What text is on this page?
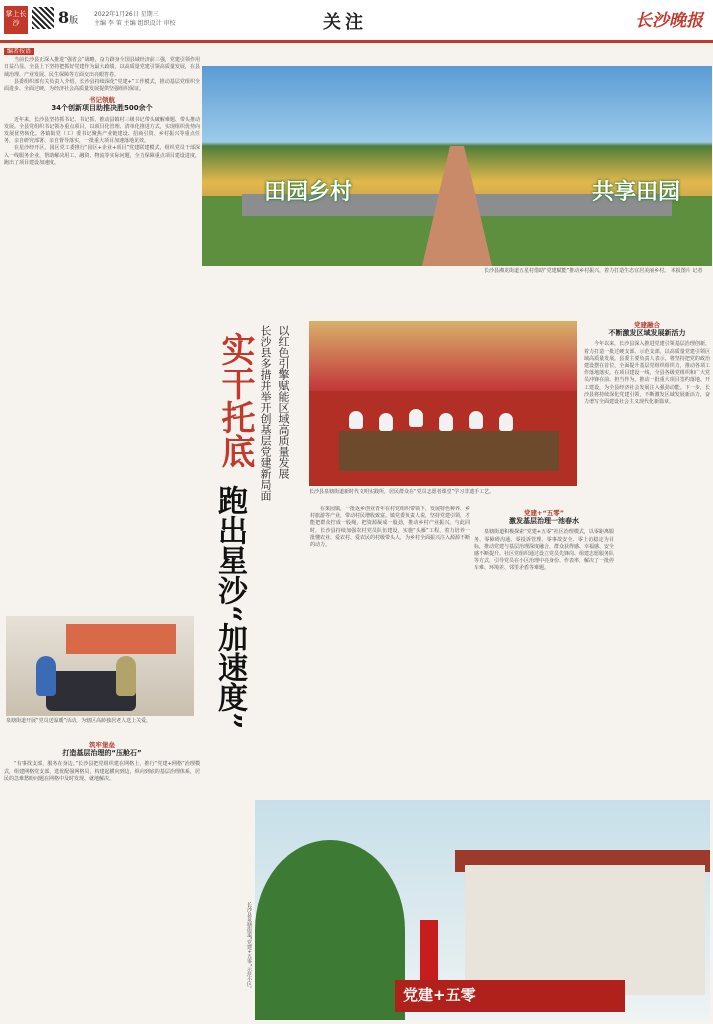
掌上长沙	8版
2022年1月26日 星期三
主编 李 策 主编 组织设计 审校	关注	长沙晚报
编者按语

当前长沙县正深入推进“强省会”战略，奋力跻身全国县域经济前三强，党建引领作用日益凸显。全县上下坚持把抓好党建作为最大政绩，以高质量党建引领高质量发展，在县域治理、产业发展、民生保障等方面交出亮眼答卷。

县委组织部有关负责人介绍，长沙县持续深化“党建+”工作模式，推动基层党组织全面进步、全面过硬，为经济社会高质量发展提供坚强组织保证。

书记领航
34个创新项目助推决胜500余个

近年来，长沙县坚持抓书记、书记抓，推动县镇村三级书记带头破解难题、带头推动发展。全县党组织书记领办重点项目，以项目化管理、清单化推进方式，实现组织优势向发展优势转化。各镇街党（工）委书记聚焦产业链建设、招商引资、乡村振兴等重点任务，亲自研究部署、亲自督导落实，一批重大项目加速落地见效。

在星沙经开区，园区党工委推行“园区+企业+项目”党建联建模式，组织党员干部深入一线服务企业，帮助解决用工、融资、物流等实际问题，全力保障重点项目建设进度，跑出了项目建设加速度。

泉塘街道开展“党员送温暖”活动，为辖区高龄独居老人送上关爱。
筑牢堡垒
打造基层治理的“压舱石”

“有事找支部，服务在身边。”长沙县把党组织建在网格上，推行“党建+网格”治理模式，组建网格党支部，选优配强网格员，构建起横向到边、纵向到底的基层治理体系，居民的急难愁盼问题在网格中及时发现、就地解决。

田园乡村	共享田园
长沙县湘龙街道五星村借助“党建赋能”推动乡村振兴，着力打造生态宜居美丽乡村。 本报图片 记者
实干托底
跑出星沙“加速度”
长沙县多措并举开创基层党建新局面 以红色引擎赋能区域高质量发展
长沙县泉塘街道新时代文明实践所，居民群众在“党员志愿者课堂”学习非遗手工艺。

在果园镇，一批返乡创业青年在村党组织带领下，发展特色种养、乡村旅游等产业，带动村民增收致富。镇党委负责人说，坚持党建引领，才能把群众拧成一股绳，把资源凝成一股劲，推动乡村产业振兴。与此同时，长沙县持续加强农村党员队伍建设，实施“头雁”工程，着力培养一批懂农业、爱农村、爱农民的村级带头人，为乡村全面振兴注入源源不断的动力。

党建+“五零”
激发基层治理一池春水

泉塘街道积极探索“党建+五零”社区治理模式，以零距离服务、零障碍沟通、零投诉管理、零事故安全、零上访稳定为目标，推动党建与基层治理深度融合，群众获得感、幸福感、安全感不断提升。社区党组织通过设立党员先锋岗、组建志愿服务队等方式，引导党员在小区治理中亮身份、作表率，解决了一批停车难、环境差、邻里矛盾等难题。

党建融合
不断激发区域发展新活力

今年以来，长沙县深入推进党建引领基层治理创新，着力打造一批过硬支部、示范支部，以高质量党建引领区域高质量发展。县委主要负责人表示，将坚持把党的政治建设摆在首位，全面提升基层党组织组织力，推动各项工作落地落实。在项目建设一线，全县各级党组织和广大党员冲锋在前、担当作为，推动一批重大项目签约落地、开工建设，为全县经济社会发展注入强劲动能。下一步，长沙县将持续深化党建引领，不断激发区域发展新活力，奋力谱写全面建设社会主义现代化新篇章。

党建+五零
长沙县泉塘街道“党建+五零”示范小区。
